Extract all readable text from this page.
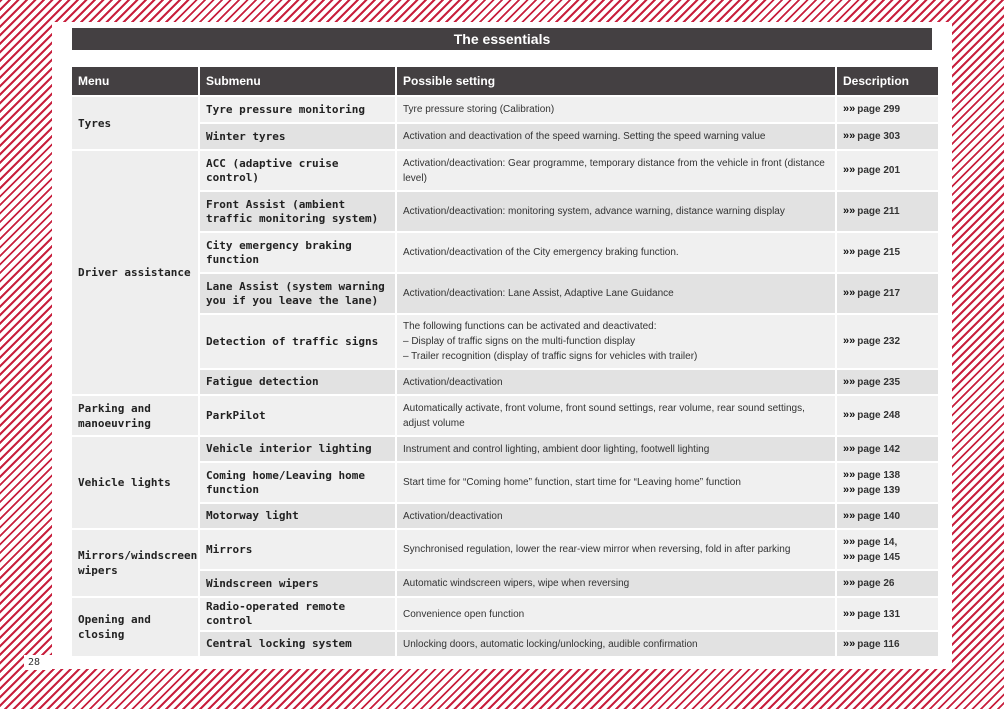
28
The essentials
Menu	Submenu	Possible setting	Description
Tyres	Tyre pressure monitoring	Tyre pressure storing (Calibration)	»» page 299

	Winter tyres	Activation and deactivation of the speed warning. Setting the speed warning value	»» page 303

Driver assistance	ACC (adaptive cruise control)	Activation/deactivation: Gear programme, temporary distance from the vehicle in front (distance level)	»» page 201

	Front Assist (ambient traffic monitoring system)	Activation/deactivation: monitoring system, advance warning, distance warning display	»» page 211

	City emergency braking function	Activation/deactivation of the City emergency braking function.	»» page 215

	Lane Assist (system warning you if you leave the lane)	Activation/deactivation: Lane Assist, Adaptive Lane Guidance	»» page 217

	Detection of traffic signs	The following functions can be activated and deactivated:
– Display of traffic signs on the multi-function display
– Trailer recognition (display of traffic signs for vehicles with trailer)	»» page 232

	Fatigue detection	Activation/deactivation	»» page 235

Parking and manoeuvring	ParkPilot	Automatically activate, front volume, front sound settings, rear volume, rear sound settings, adjust volume	»» page 248

Vehicle lights	Vehicle interior lighting	Instrument and control lighting, ambient door lighting, footwell lighting	»» page 142

	Coming home/Leaving home function	Start time for “Coming home” function, start time for “Leaving home” function	»» page 138
»» page 139

	Motorway light	Activation/deactivation	»» page 140

Mirrors/windscreen wipers	Mirrors	Synchronised regulation, lower the rear-view mirror when reversing, fold in after parking	»» page 14,
»» page 145

	Windscreen wipers	Automatic windscreen wipers, wipe when reversing	»» page 26

Opening and closing	Radio-operated remote control	Convenience open function	»» page 131

	Central locking system	Unlocking doors, automatic locking/unlocking, audible confirmation	»» page 116
